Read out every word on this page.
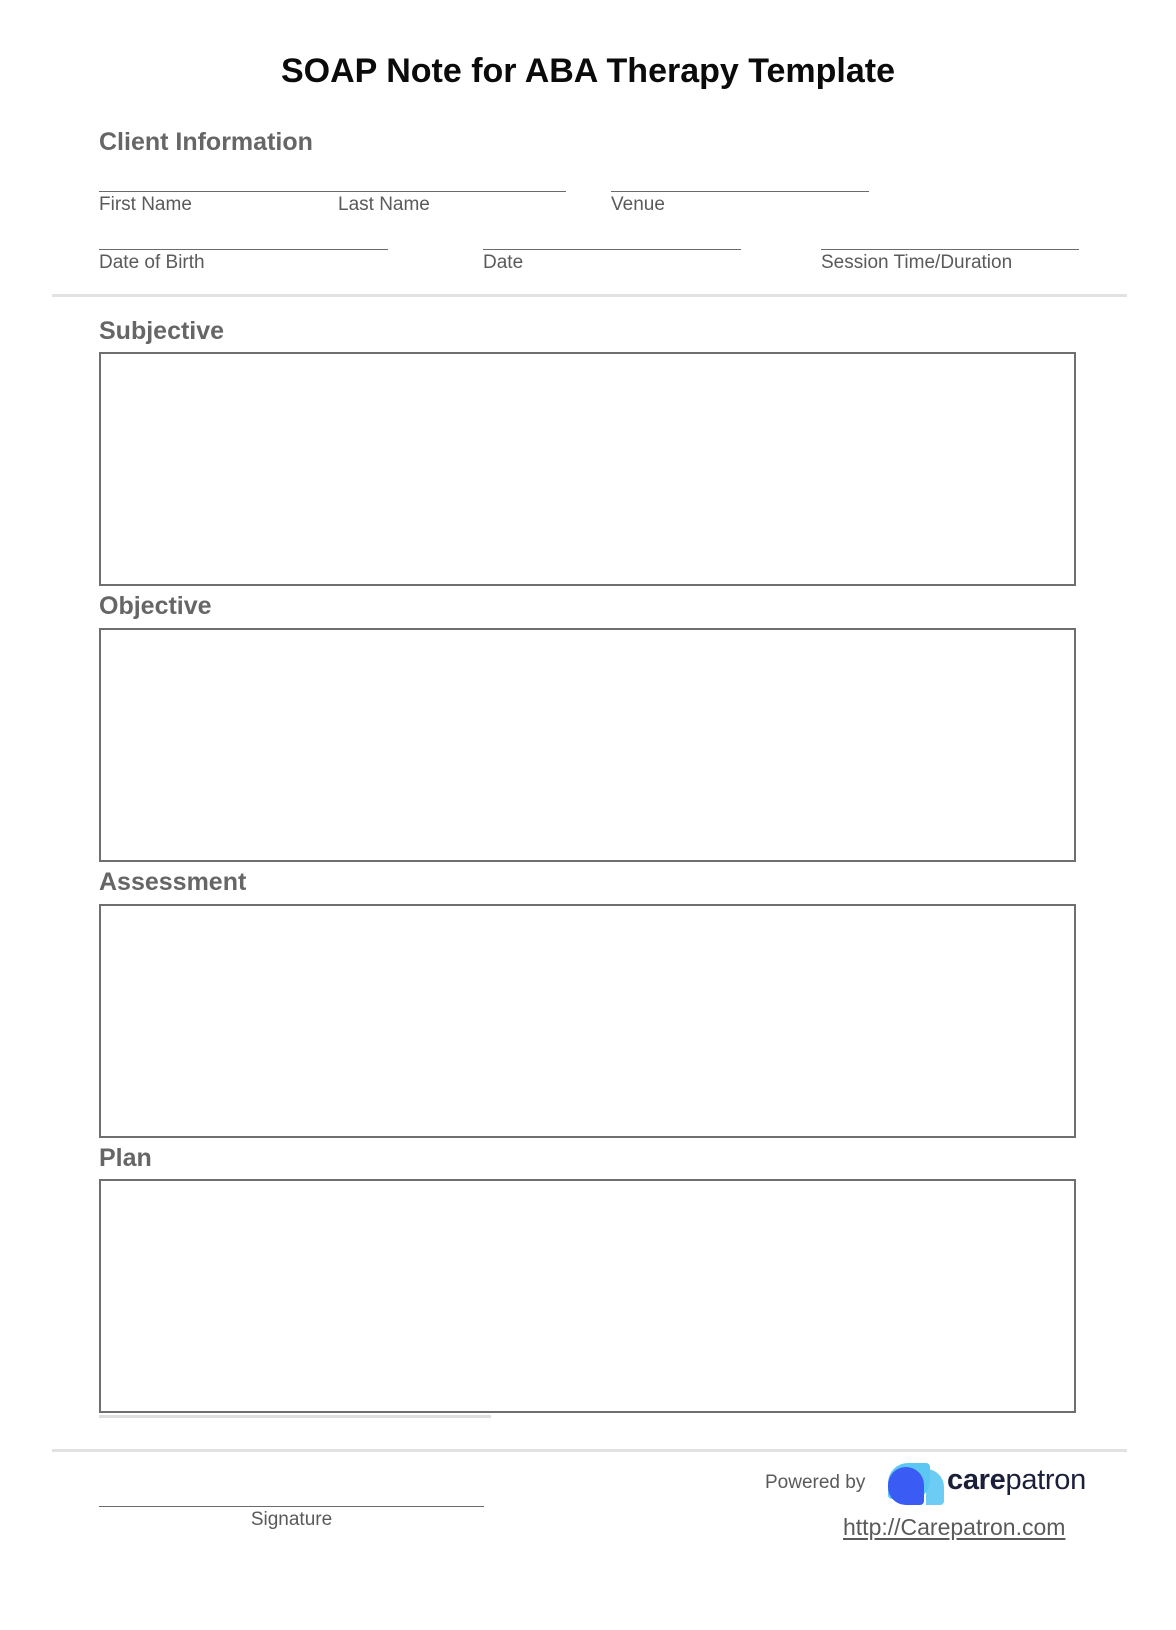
SOAP Note for ABA Therapy Template
Client Information
First Name	Last Name	Venue
Date of Birth	Date	Session Time/Duration
Subjective
Objective
Assessment
Plan
Signature
Powered by	carepatron
http://Carepatron.com
